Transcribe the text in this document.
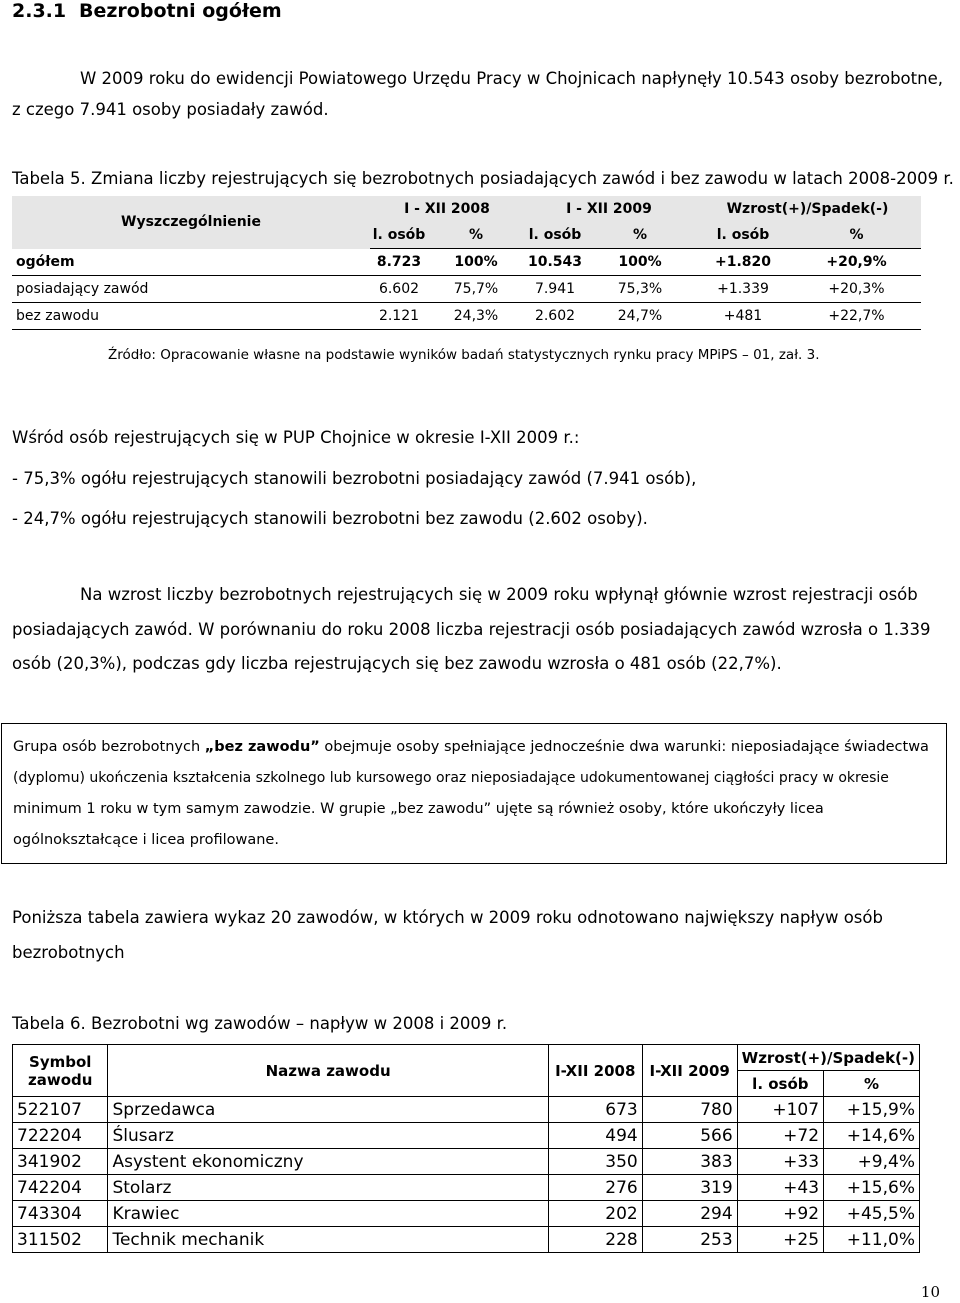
2.3.1 Bezrobotni ogółem
W 2009 roku do ewidencji Powiatowego Urzędu Pracy w Chojnicach napłynęły 10.543 osoby bezrobotne,
z czego 7.941 osoby posiadały zawód.
Tabela 5. Zmiana liczby rejestrujących się bezrobotnych posiadających zawód i bez zawodu w latach 2008-2009 r.
Wyszczególnienie	I - XII 2008		I - XII 2009		Wzrost(+)/Spadek(-)	
	l. osób	%	l. osób	%	l. osób	%
ogółem	8.723	100%	10.543	100%	+1.820	+20,9%
posiadający zawód	6.602	75,7%	7.941	75,3%	+1.339	+20,3%
bez zawodu	2.121	24,3%	2.602	24,7%	+481	+22,7%
Źródło: Opracowanie własne na podstawie wyników badań statystycznych rynku pracy MPiPS – 01, zał. 3.
Wśród osób rejestrujących się w PUP Chojnice w okresie I-XII 2009 r.:
- 75,3% ogółu rejestrujących stanowili bezrobotni posiadający zawód (7.941 osób),
- 24,7% ogółu rejestrujących stanowili bezrobotni bez zawodu (2.602 osoby).
Na wzrost liczby bezrobotnych rejestrujących się w 2009 roku wpłynął głównie wzrost rejestracji osób
posiadających zawód. W porównaniu do roku 2008 liczba rejestracji osób posiadających zawód wzrosła o 1.339
osób (20,3%), podczas gdy liczba rejestrujących się bez zawodu wzrosła o 481 osób (22,7%).
Grupa osób bezrobotnych „bez zawodu” obejmuje osoby spełniające jednocześnie dwa warunki: nieposiadające świadectwa
(dyplomu) ukończenia kształcenia szkolnego lub kursowego oraz nieposiadające udokumentowanej ciągłości pracy w okresie
minimum 1 roku w tym samym zawodzie. W grupie „bez zawodu” ujęte są również osoby, które ukończyły licea
ogólnokształcące i licea profilowane.
Poniższa tabela zawiera wykaz 20 zawodów, w których w 2009 roku odnotowano największy napływ osób
bezrobotnych
Tabela 6. Bezrobotni wg zawodów – napływ w 2008 i 2009 r.
Symbol zawodu	Nazwa zawodu	I-XII 2008	I-XII 2009	Wzrost(+)/Spadek(-)	
				l. osób	%
522107	Sprzedawca	673	780	+107	+15,9%
722204	Ślusarz	494	566	+72	+14,6%
341902	Asystent ekonomiczny	350	383	+33	+9,4%
742204	Stolarz	276	319	+43	+15,6%
743304	Krawiec	202	294	+92	+45,5%
311502	Technik mechanik	228	253	+25	+11,0%
10
